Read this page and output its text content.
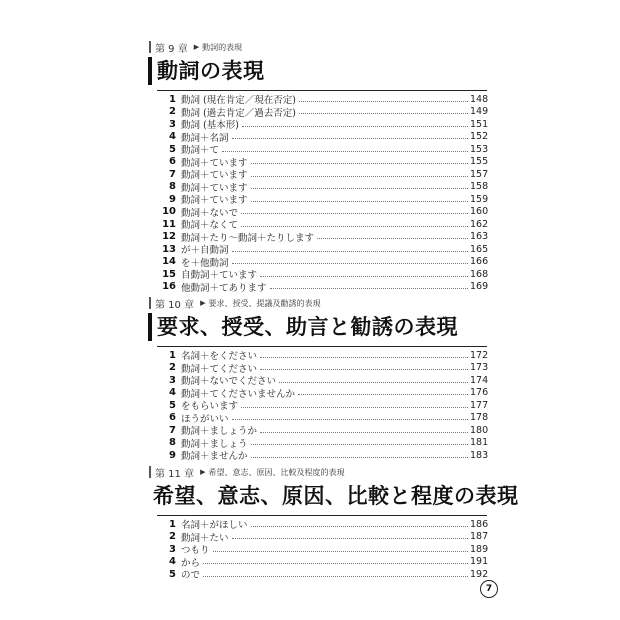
第 9 章 ▶ 動詞的表現
動詞の表現
1 動詞 (現在肯定／現在否定)	148
2 動詞 (過去肯定／過去否定)	149
3 動詞 (基本形)	151
4 動詞＋名詞	152
5 動詞＋て	153
6 動詞＋ています	155
7 動詞＋ています	157
8 動詞＋ています	158
9 動詞＋ています	159
10 動詞＋ないで	160
11 動詞＋なくて	162
12 動詞＋たり〜動詞＋たりします	163
13 が＋自動詞	165
14 を＋他動詞	166
15 自動詞＋ています	168
16 他動詞＋てあります	169
第 10 章 ▶ 要求、授受、提議及勸誘的表現
要求、授受、助言と勧誘の表現
1 名詞＋をください	172
2 動詞＋てください	173
3 動詞＋ないでください	174
4 動詞＋てくださいませんか	176
5 をもらいます	177
6 ほうがいい	178
7 動詞＋ましょうか	180
8 動詞＋ましょう	181
9 動詞＋ませんか	183
第 11 章 ▶ 希望、意志、原因、比較及程度的表現
希望、意志、原因、比較と程度の表現
1 名詞＋がほしい	186
2 動詞＋たい	187
3 つもり	189
4 から	191
5 ので	192
7
